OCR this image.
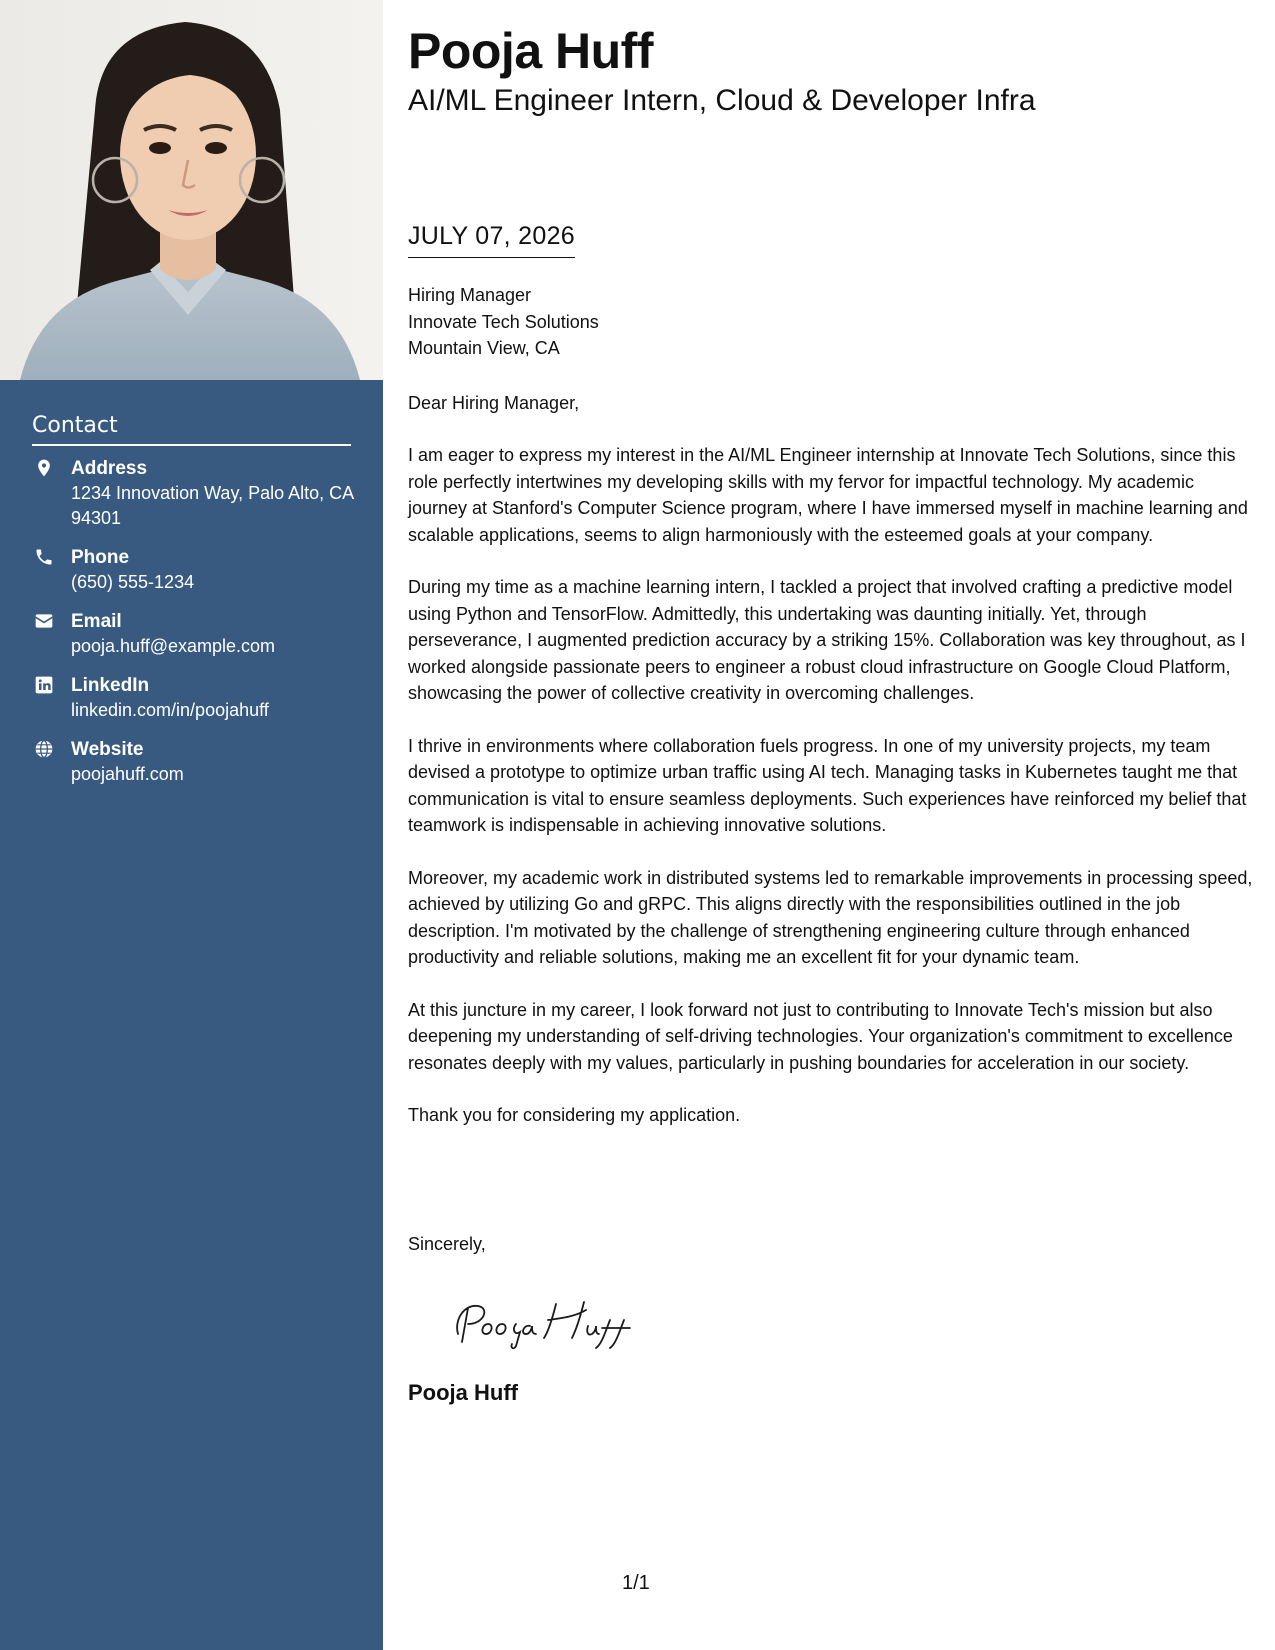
Contact
Address
1234 Innovation Way, Palo Alto, CA 94301
Phone
(650) 555-1234
Email
pooja.huff@example.com
LinkedIn
linkedin.com/in/poojahuff
Website
poojahuff.com
Pooja Huff
AI/ML Engineer Intern, Cloud & Developer Infra
JULY 07, 2026
Hiring Manager
Innovate Tech Solutions
Mountain View, CA
Dear Hiring Manager,

I am eager to express my interest in the AI/ML Engineer internship at Innovate Tech Solutions, since this role perfectly intertwines my developing skills with my fervor for impactful technology. My academic journey at Stanford's Computer Science program, where I have immersed myself in machine learning and scalable applications, seems to align harmoniously with the esteemed goals at your company.

During my time as a machine learning intern, I tackled a project that involved crafting a predictive model using Python and TensorFlow. Admittedly, this undertaking was daunting initially. Yet, through perseverance, I augmented prediction accuracy by a striking 15%. Collaboration was key throughout, as I worked alongside passionate peers to engineer a robust cloud infrastructure on Google Cloud Platform, showcasing the power of collective creativity in overcoming challenges.

I thrive in environments where collaboration fuels progress. In one of my university projects, my team devised a prototype to optimize urban traffic using AI tech. Managing tasks in Kubernetes taught me that communication is vital to ensure seamless deployments. Such experiences have reinforced my belief that teamwork is indispensable in achieving innovative solutions.

Moreover, my academic work in distributed systems led to remarkable improvements in processing speed, achieved by utilizing Go and gRPC. This aligns directly with the responsibilities outlined in the job description. I'm motivated by the challenge of strengthening engineering culture through enhanced productivity and reliable solutions, making me an excellent fit for your dynamic team.

At this juncture in my career, I look forward not just to contributing to Innovate Tech's mission but also deepening my understanding of self-driving technologies. Your organization's commitment to excellence resonates deeply with my values, particularly in pushing boundaries for acceleration in our society.

Thank you for considering my application.

Sincerely,
Pooja Huff
1/1
